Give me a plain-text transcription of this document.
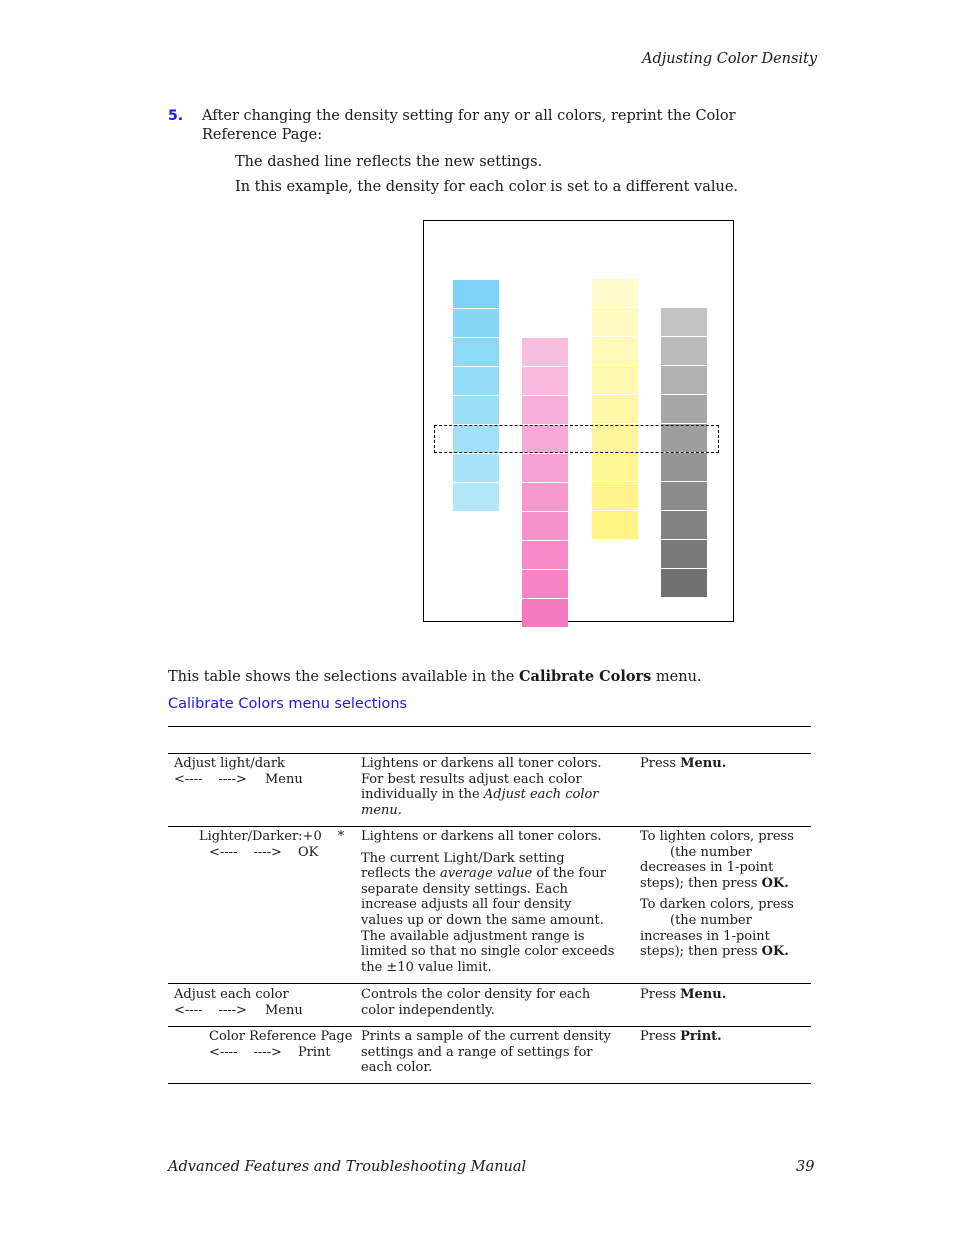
Adjusting Color Density
5. After changing the density setting for any or all colors, reprint the Color Reference Page:
The dashed line reflects the new settings.
In this example, the density for each color is set to a different value.
This table shows the selections available in the Calibrate Colors menu.
Calibrate Colors menu selections
Adjust light/dark
<---- ----> Menu
Lightens or darkens all toner colors. For best results adjust each color individually in the Adjust each color menu.
Press Menu.
Lighter/Darker:+0 *
<---- ----> OK

Lightens or darkens all toner colors.

The current Light/Dark setting reflects the average value of the four separate density settings. Each increase adjusts all four density values up or down the same amount. The available adjustment range is limited so that no single color exceeds the ±10 value limit.

To lighten colors, press
(the number decreases in 1-point steps); then press OK.

To darken colors, press
(the number increases in 1-point steps); then press OK.

Adjust each color
<---- ----> Menu
Controls the color density for each color independently.
Press Menu.
Color Reference Page
<---- ----> Print
Prints a sample of the current density settings and a range of settings for each color.
Press Print.
Advanced Features and Troubleshooting Manual	39
